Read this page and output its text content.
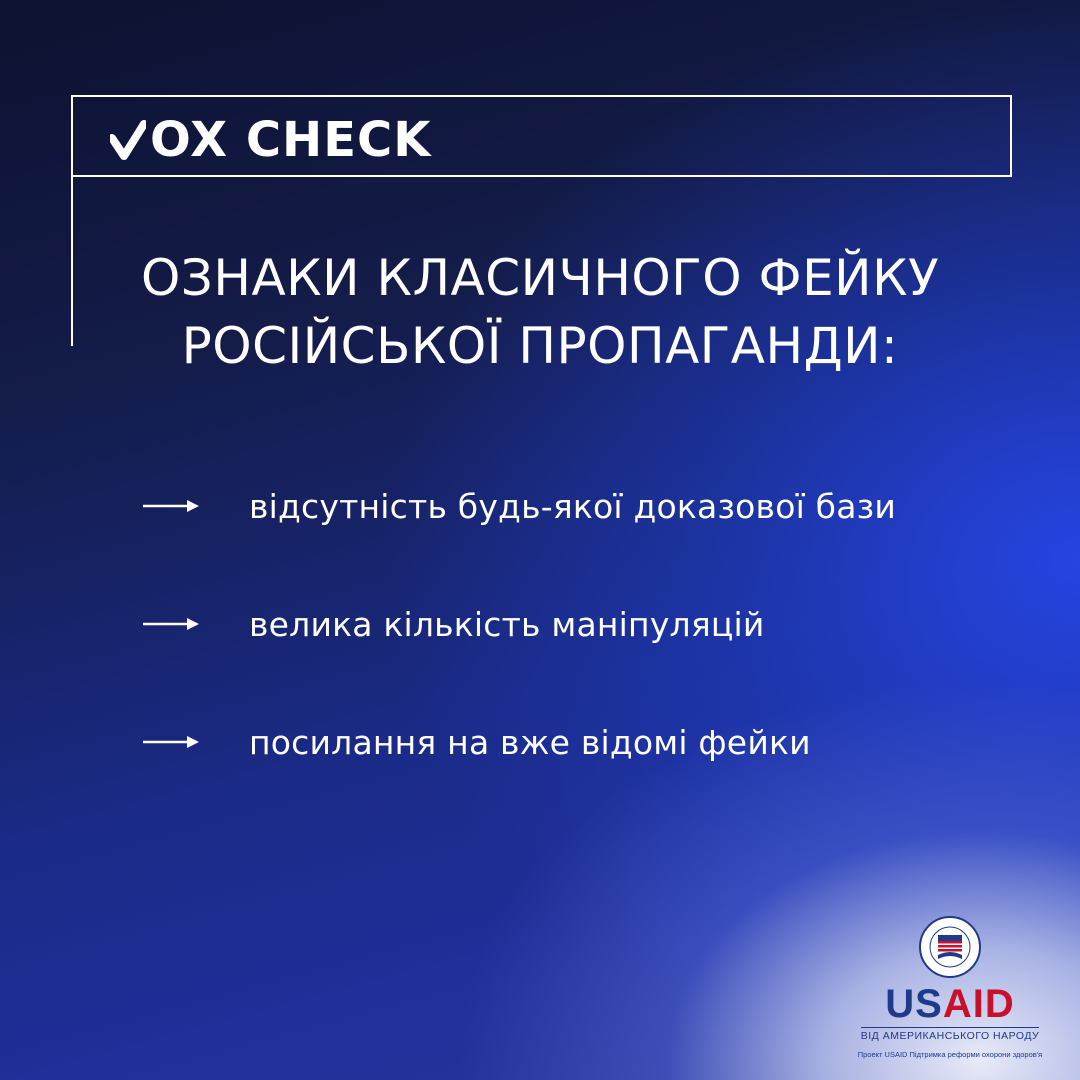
OX CHECK
ОЗНАКИ КЛАСИЧНОГО ФЕЙКУ
РОСІЙСЬКОЇ ПРОПАГАНДИ:
відсутність будь-якої доказової бази
велика кількість маніпуляцій
посилання на вже відомі фейки
USAID
ВІД АМЕРИКАНСЬКОГО НАРОДУ
Проект USAID Підтримка реформи охорони здоров'я
